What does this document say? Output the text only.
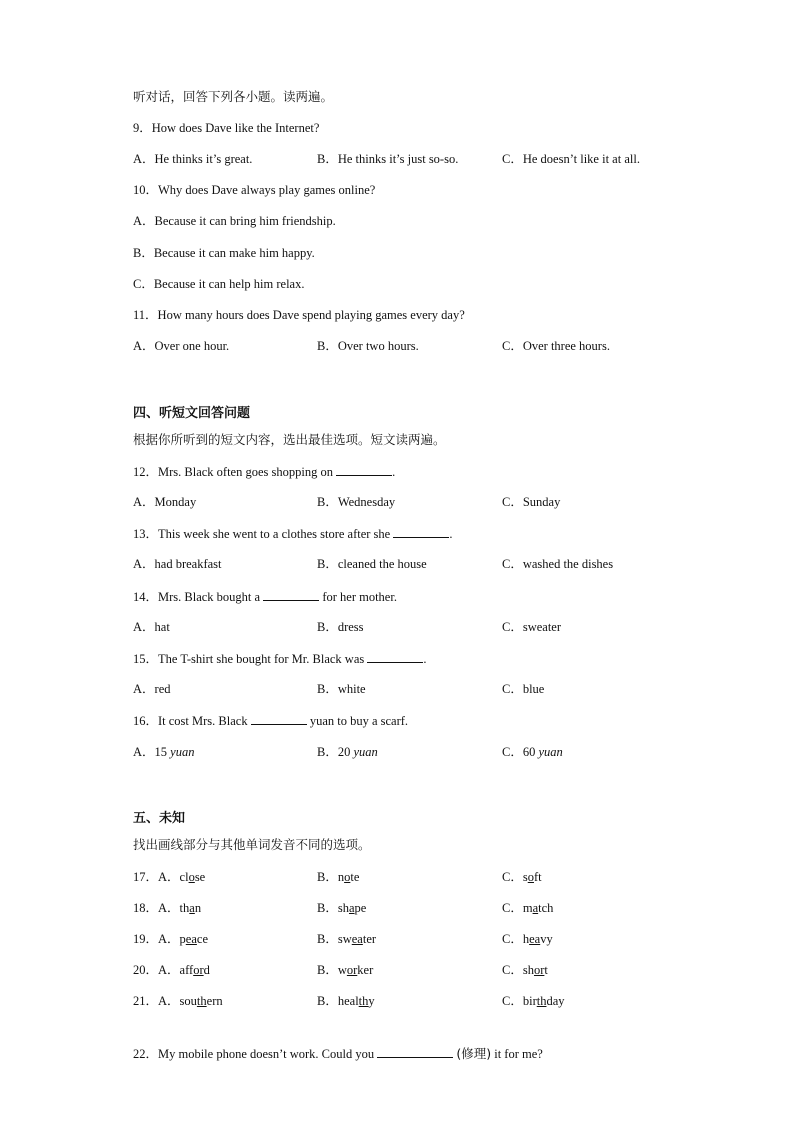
听对话，回答下列各小题。读两遍。
9．How does Dave like the Internet?
A．He thinks it’s great.	B．He thinks it’s just so-so.	C．He doesn’t like it at all.
10．Why does Dave always play games online?
A．Because it can bring him friendship.
B．Because it can make him happy.
C．Because it can help him relax.
11．How many hours does Dave spend playing games every day?
A．Over one hour.	B．Over two hours.	C．Over three hours.
四、听短文回答问题
根据你所听到的短文内容，选出最佳选项。短文读两遍。
12．Mrs. Black often goes shopping on	.
A．Monday	B．Wednesday	C．Sunday
13．This week she went to a clothes store after she	.
A．had breakfast	B．cleaned the house	C．washed the dishes
14．Mrs. Black bought a	for her mother.
A．hat	B．dress	C．sweater
15．The T-shirt she bought for Mr. Black was	.
A．red	B．white	C．blue
16．It cost Mrs. Black	yuan to buy a scarf.
A．15 yuan	B．20 yuan	C．60 yuan
五、未知
找出画线部分与其他单词发音不同的选项。
17．A．close	B．note	C．soft
18．A．than	B．shape	C．match
19．A．peace	B．sweater	C．heavy
20．A．afford	B．worker	C．short
21．A．southern	B．healthy	C．birthday
22．My mobile phone doesn’t work. Could you	(修理) it for me?
